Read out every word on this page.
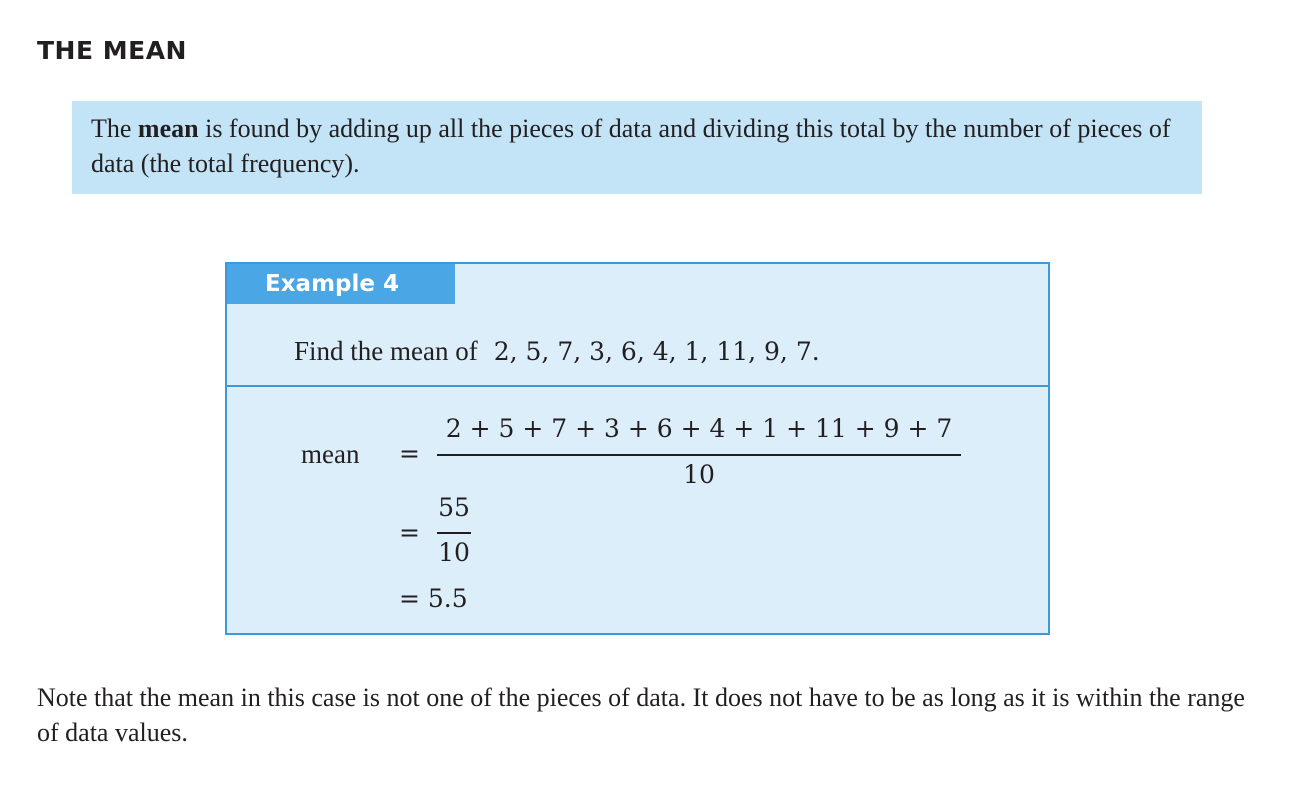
THE MEAN
The mean is found by adding up all the pieces of data and dividing this total by the number of pieces of data (the total frequency).
Example 4
Find the mean of 2, 5, 7, 3, 6, 4, 1, 11, 9, 7.
mean =
2 + 5 + 7 + 3 + 6 + 4 + 1 + 11 + 9 + 7
10
=
55
10
= 5.5
Note that the mean in this case is not one of the pieces of data. It does not have to be as long as it is within the range of data values.
